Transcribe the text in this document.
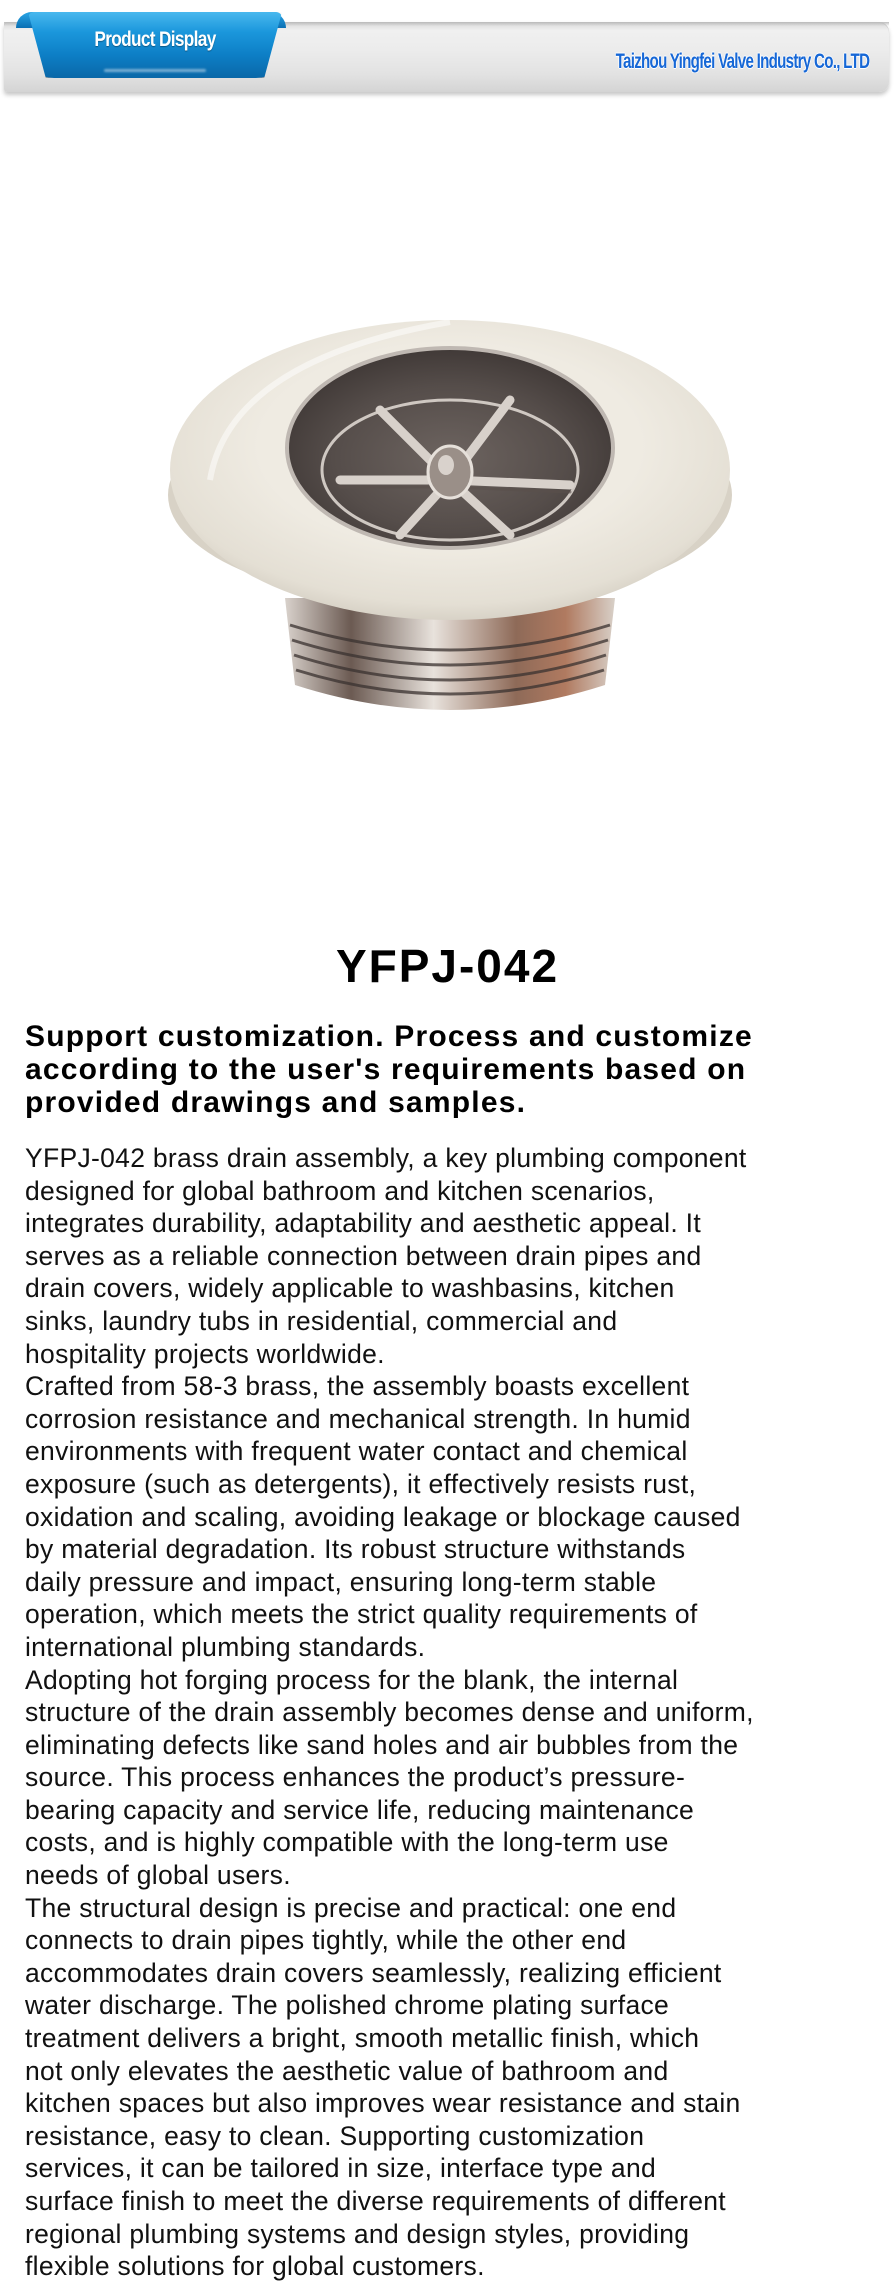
Product Display
Taizhou Yingfei Valve Industry Co., LTD
YFPJ-042
Support customization. Process and customize according to the user's requirements based on provided drawings and samples.

YFPJ-042 brass drain assembly, a key plumbing component
designed for global bathroom and kitchen scenarios,
integrates durability, adaptability and aesthetic appeal. It
serves as a reliable connection between drain pipes and
drain covers, widely applicable to washbasins, kitchen
sinks, laundry tubs in residential, commercial and
hospitality projects worldwide.

Crafted from 58-3 brass, the assembly boasts excellent
corrosion resistance and mechanical strength. In humid
environments with frequent water contact and chemical
exposure (such as detergents), it effectively resists rust,
oxidation and scaling, avoiding leakage or blockage caused
by material degradation. Its robust structure withstands
daily pressure and impact, ensuring long-term stable
operation, which meets the strict quality requirements of
international plumbing standards.

Adopting hot forging process for the blank, the internal
structure of the drain assembly becomes dense and uniform,
eliminating defects like sand holes and air bubbles from the
source. This process enhances the product’s pressure-
bearing capacity and service life, reducing maintenance
costs, and is highly compatible with the long-term use
needs of global users.

The structural design is precise and practical: one end
connects to drain pipes tightly, while the other end
accommodates drain covers seamlessly, realizing efficient
water discharge. The polished chrome plating surface
treatment delivers a bright, smooth metallic finish, which
not only elevates the aesthetic value of bathroom and
kitchen spaces but also improves wear resistance and stain
resistance, easy to clean. Supporting customization
services, it can be tailored in size, interface type and
surface finish to meet the diverse requirements of different
regional plumbing systems and design styles, providing
flexible solutions for global customers.
